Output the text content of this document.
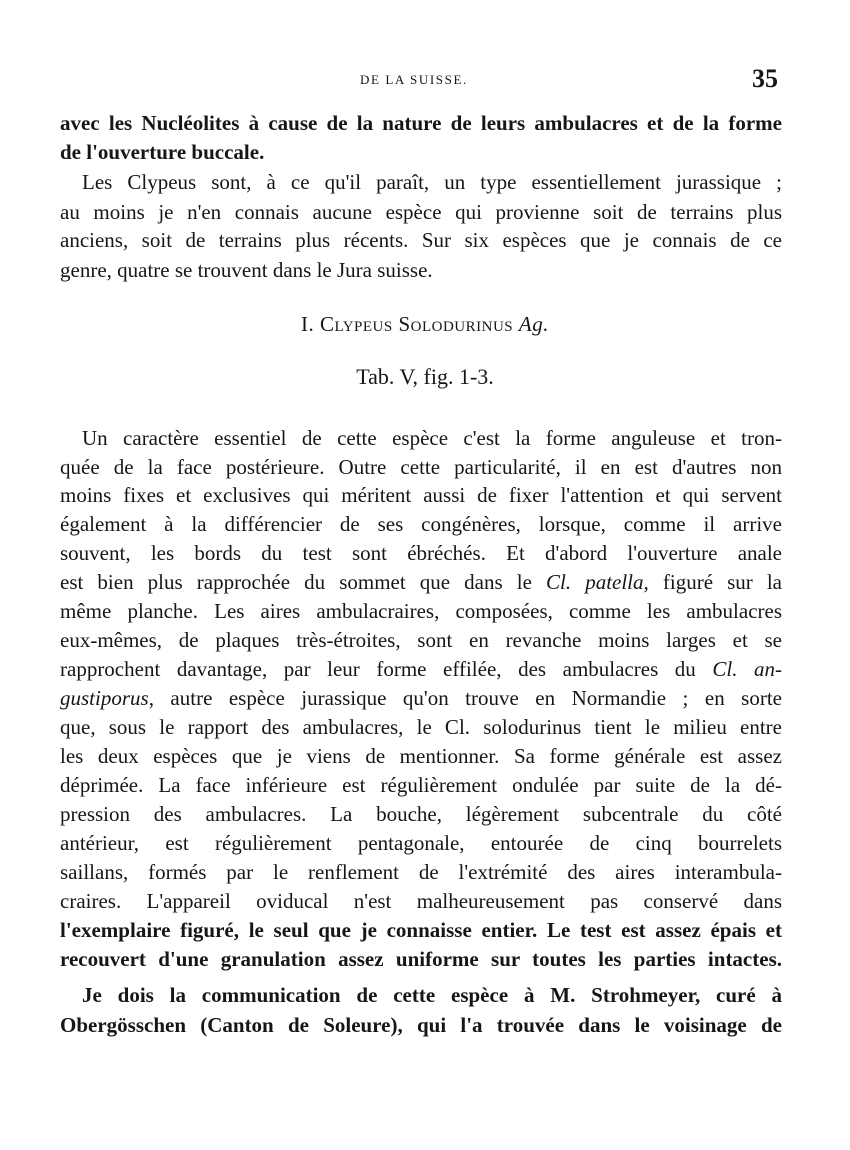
DE LA SUISSE.	35
avec les Nucléolites à cause de la nature de leurs ambulacres et de la forme
de l'ouverture buccale.
Les Clypeus sont, à ce qu'il paraît, un type essentiellement jurassique ;
au moins je n'en connais aucune espèce qui provienne soit de terrains plus
anciens, soit de terrains plus récents. Sur six espèces que je connais de ce
genre, quatre se trouvent dans le Jura suisse.
I. Clypeus Solodurinus Ag.
Tab. V, fig. 1-3.
Un caractère essentiel de cette espèce c'est la forme anguleuse et tron-
quée de la face postérieure. Outre cette particularité, il en est d'autres non
moins fixes et exclusives qui méritent aussi de fixer l'attention et qui servent
également à la différencier de ses congénères, lorsque, comme il arrive
souvent, les bords du test sont ébréchés. Et d'abord l'ouverture anale
est bien plus rapprochée du sommet que dans le Cl. patella, figuré sur la
même planche. Les aires ambulacraires, composées, comme les ambulacres
eux-mêmes, de plaques très-étroites, sont en revanche moins larges et se
rapprochent davantage, par leur forme effilée, des ambulacres du Cl. an-
gustiporus, autre espèce jurassique qu'on trouve en Normandie ; en sorte
que, sous le rapport des ambulacres, le Cl. solodurinus tient le milieu entre
les deux espèces que je viens de mentionner. Sa forme générale est assez
déprimée. La face inférieure est régulièrement ondulée par suite de la dé-
pression des ambulacres. La bouche, légèrement subcentrale du côté
antérieur, est régulièrement pentagonale, entourée de cinq bourrelets
saillans, formés par le renflement de l'extrémité des aires interambula-
craires. L'appareil oviducal n'est malheureusement pas conservé dans
l'exemplaire figuré, le seul que je connaisse entier. Le test est assez épais et
recouvert d'une granulation assez uniforme sur toutes les parties intactes.
Je dois la communication de cette espèce à M. Strohmeyer, curé à
Obergösschen (Canton de Soleure), qui l'a trouvée dans le voisinage de
